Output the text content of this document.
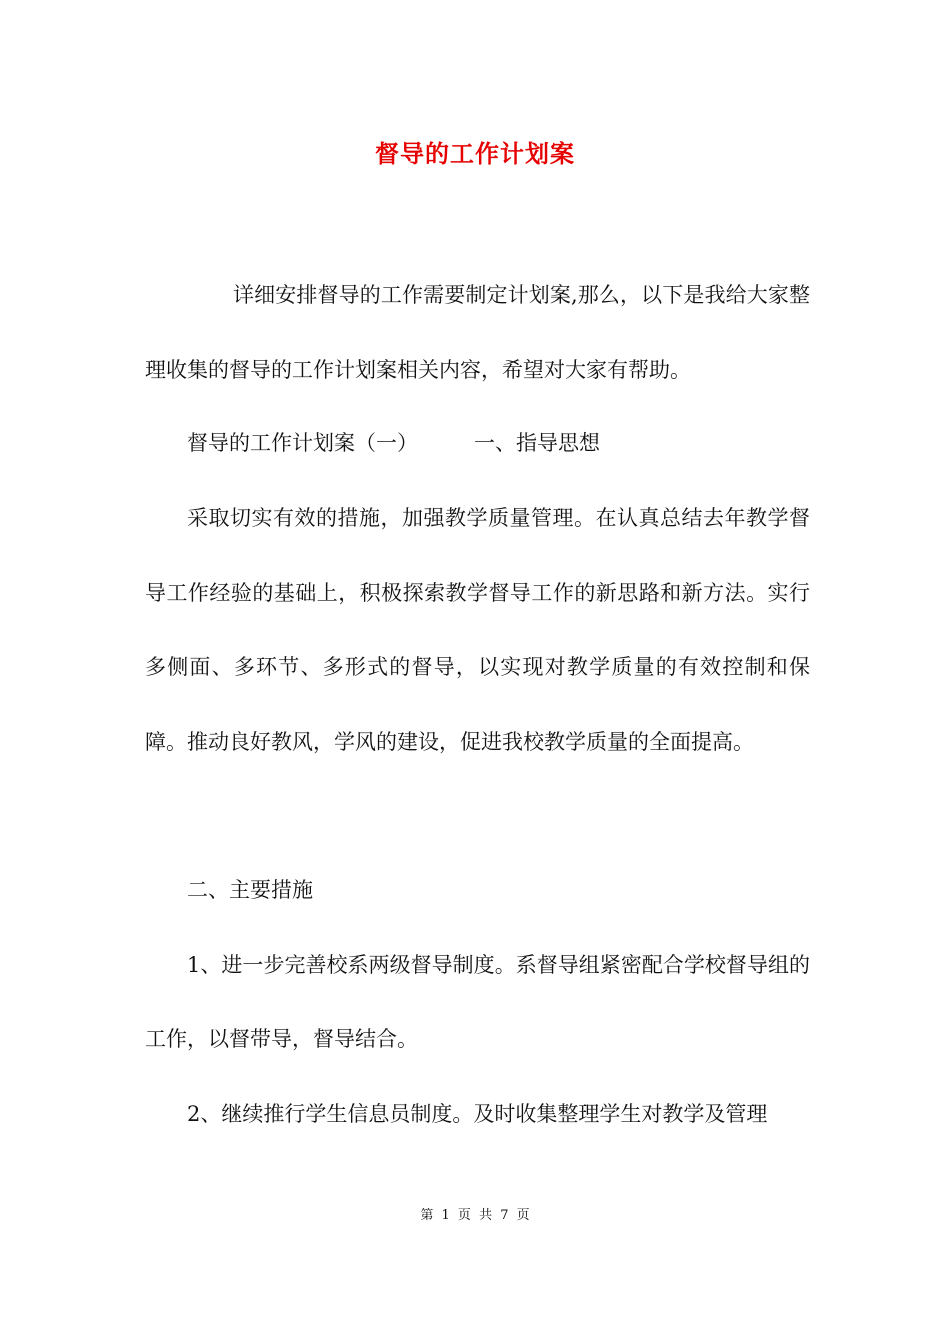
督导的工作计划案

详细安排督导的工作需要制定计划案,那么，以下是我给大家整理收集的督导的工作计划案相关内容，希望对大家有帮助。

督导的工作计划案（一）	一、指导思想

采取切实有效的措施，加强教学质量管理。在认真总结去年教学督导工作经验的基础上，积极探索教学督导工作的新思路和新方法。实行多侧面、多环节、多形式的督导，以实现对教学质量的有效控制和保障。推动良好教风，学风的建设，促进我校教学质量的全面提高。

二、主要措施

1、进一步完善校系两级督导制度。系督导组紧密配合学校督导组的工作，以督带导，督导结合。

2、继续推行学生信息员制度。及时收集整理学生对教学及管理

第 1 页 共 7 页
